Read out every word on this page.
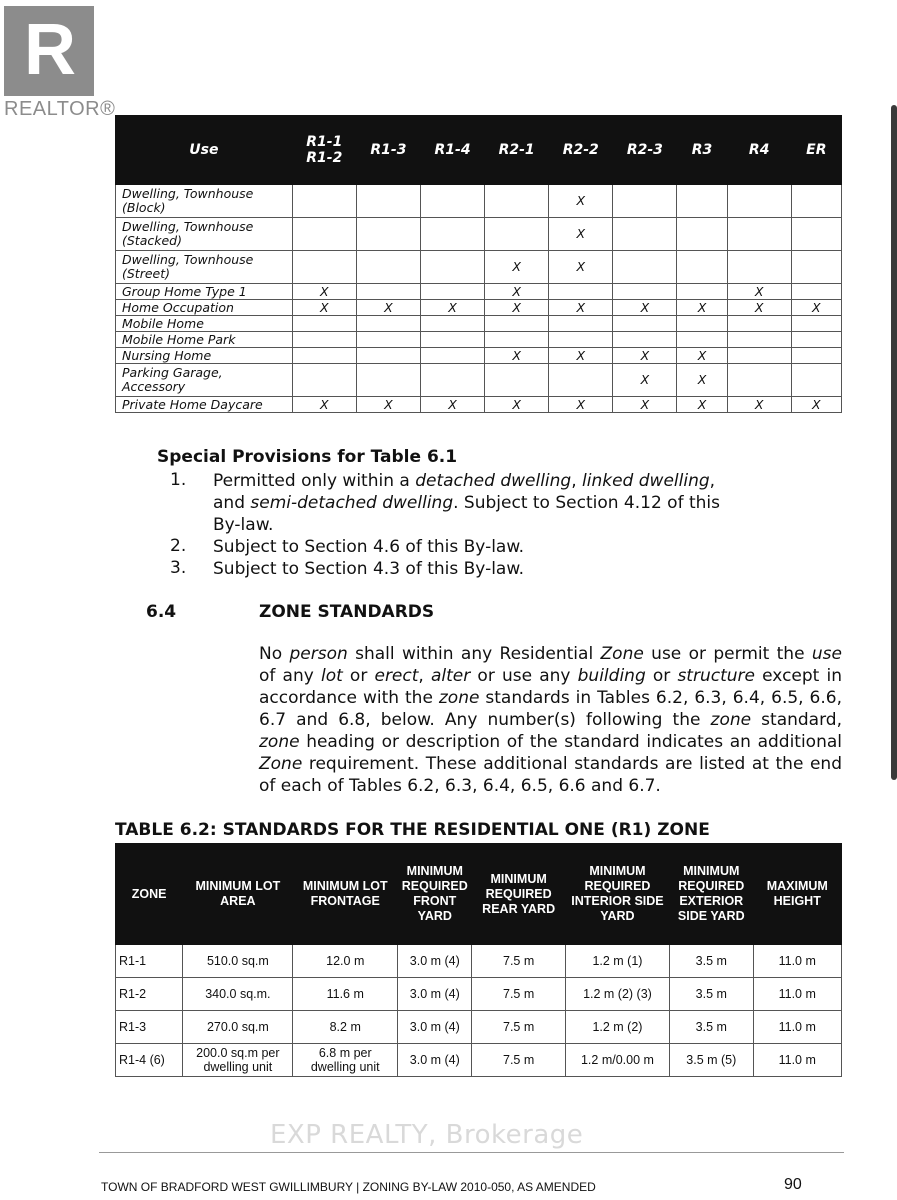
R
REALTOR®
Use	R1-1 R1-2	R1-3	R1-4	R2-1	R2-2	R2-3	R3	R4	ER
Dwelling, Townhouse (Block)					X				
Dwelling, Townhouse (Stacked)					X				
Dwelling, Townhouse (Street)				X	X				
Group Home Type 1	X			X				X	
Home Occupation	X	X	X	X	X	X	X	X	X
Mobile Home									
Mobile Home Park									
Nursing Home				X	X	X	X		
Parking Garage, Accessory						X	X		
Private Home Daycare	X	X	X	X	X	X	X	X	X
Special Provisions for Table 6.1
1.	Permitted only within a detached dwelling, linked dwelling,
and semi-detached dwelling. Subject to Section 4.12 of this
By-law.
2.	Subject to Section 4.6 of this By-law.
3.	Subject to Section 4.3 of this By-law.
6.4	ZONE STANDARDS
No person shall within any Residential Zone use or permit the use of any lot or erect, alter or use any building or structure except in accordance with the zone standards in Tables 6.2, 6.3, 6.4, 6.5, 6.6, 6.7 and 6.8, below. Any number(s) following the zone standard, zone heading or description of the standard indicates an additional Zone requirement. These additional standards are listed at the end of each of Tables 6.2, 6.3, 6.4, 6.5, 6.6 and 6.7.
TABLE 6.2: STANDARDS FOR THE RESIDENTIAL ONE (R1) ZONE
ZONE	MINIMUM LOT AREA	MINIMUM LOT FRONTAGE	MINIMUM REQUIRED FRONT YARD	MINIMUM REQUIRED REAR YARD	MINIMUM REQUIRED INTERIOR SIDE YARD	MINIMUM REQUIRED EXTERIOR SIDE YARD	MAXIMUM HEIGHT
R1-1	510.0 sq.m	12.0 m	3.0 m (4)	7.5 m	1.2 m (1)	3.5 m	11.0 m
R1-2	340.0 sq.m.	11.6 m	3.0 m (4)	7.5 m	1.2 m (2) (3)	3.5 m	11.0 m
R1-3	270.0 sq.m	8.2 m	3.0 m (4)	7.5 m	1.2 m (2)	3.5 m	11.0 m
R1-4 (6)	200.0 sq.m per dwelling unit	6.8 m per dwelling unit	3.0 m (4)	7.5 m	1.2 m/0.00 m	3.5 m (5)	11.0 m
EXP REALTY, Brokerage
TOWN OF BRADFORD WEST GWILLIMBURY | ZONING BY-LAW 2010-050, AS AMENDED	90
